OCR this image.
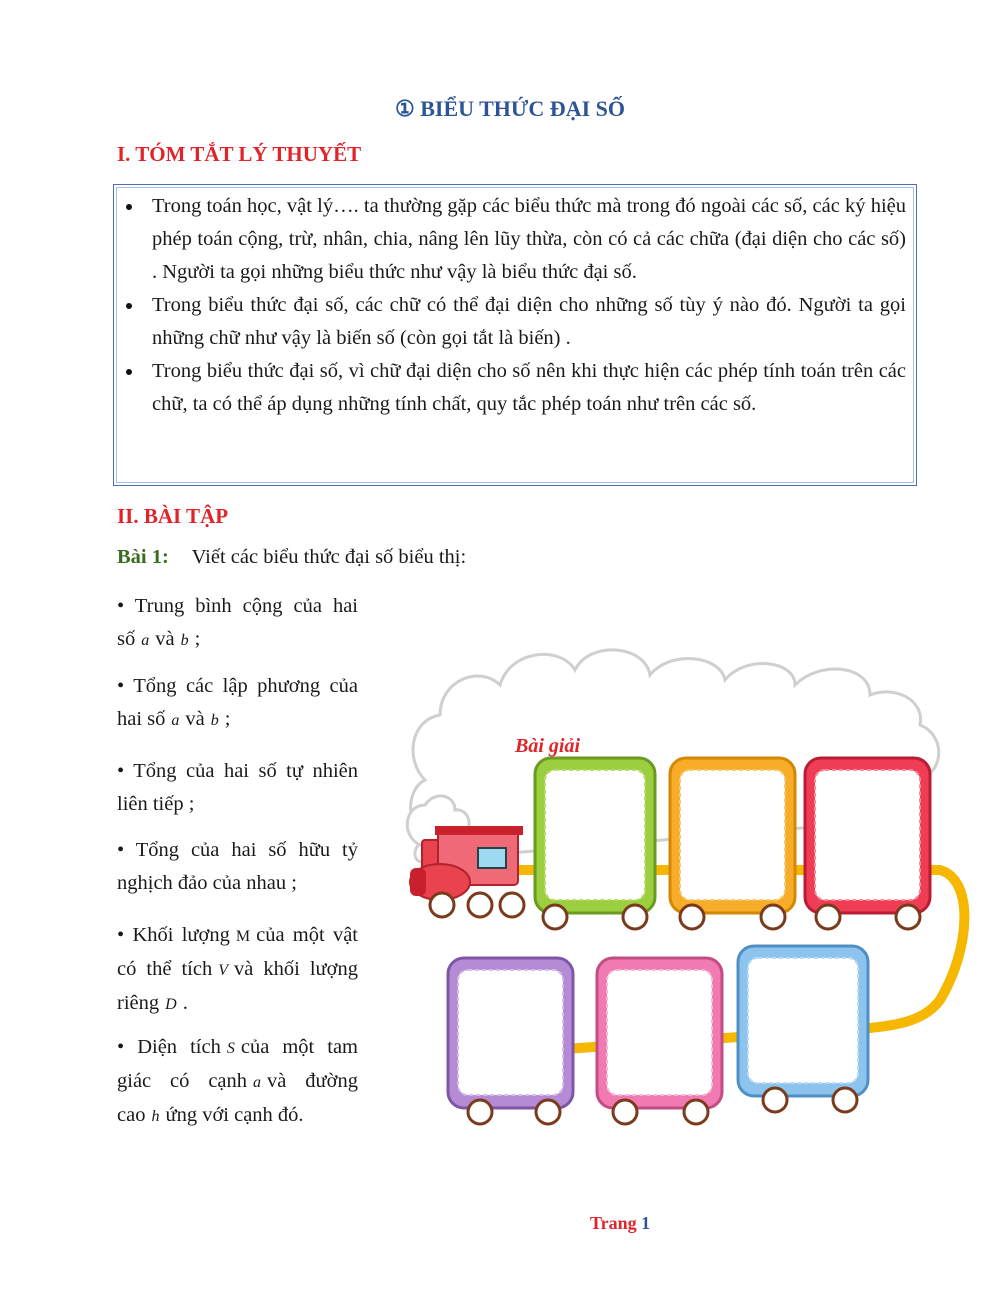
① BIỂU THỨC ĐẠI SỐ
I. TÓM TẮT LÝ THUYẾT
Trong toán học, vật lý…. ta thường gặp các biểu thức mà trong đó ngoài các số, các ký hiệu phép toán cộng, trừ, nhân, chia, nâng lên lũy thừa, còn có cả các chữa (đại diện cho các số) . Người ta gọi những biểu thức như vậy là biểu thức đại số.
Trong biểu thức đại số, các chữ có thể đại diện cho những số tùy ý nào đó. Người ta gọi những chữ như vậy là biến số (còn gọi tắt là biến) .
Trong biểu thức đại số, vì chữ đại diện cho số nên khi thực hiện các phép tính toán trên các chữ, ta có thể áp dụng những tính chất, quy tắc phép toán như trên các số.
II. BÀI TẬP
Bài 1: Viết các biểu thức đại số biểu thị:
• Trung bình cộng của hai số a và b ;
• Tổng các lập phương của hai số a và b ;
• Tổng của hai số tự nhiên liên tiếp ;
• Tổng của hai số hữu tỷ nghịch đảo của nhau ;
• Khối lượng M của một vật có thể tích V và khối lượng riêng D .
• Diện tích S của một tam giác có cạnh a và đường cao h ứng với cạnh đó.
Bài giải
Trang 1
